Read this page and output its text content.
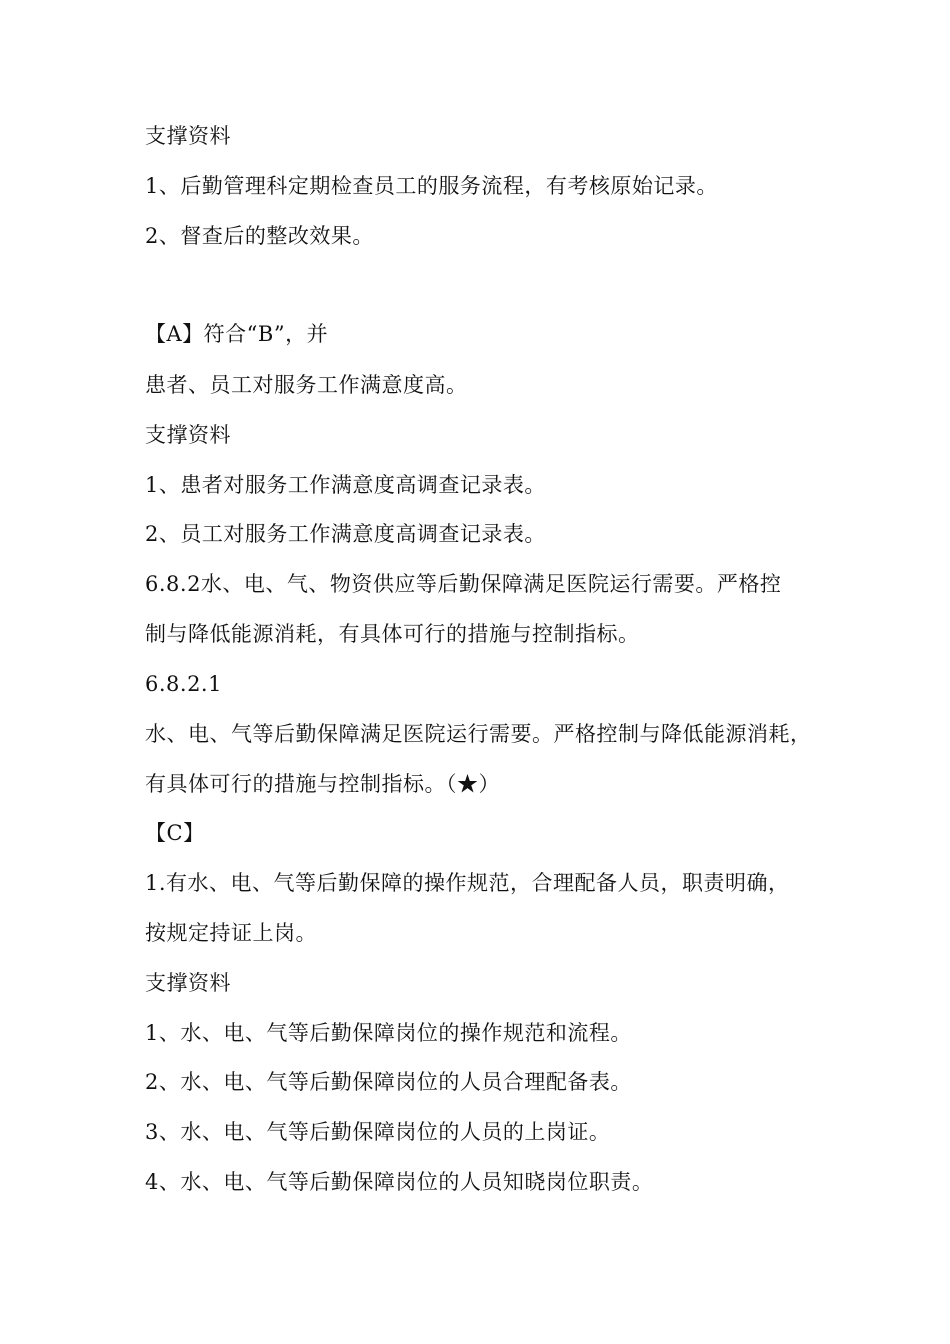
支撑资料
1、后勤管理科定期检查员工的服务流程，有考核原始记录。
2、督查后的整改效果。
【A】符合“B”，并
患者、员工对服务工作满意度高。
支撑资料
1、患者对服务工作满意度高调查记录表。
2、员工对服务工作满意度高调查记录表。
6.8.2水、电、气、物资供应等后勤保障满足医院运行需要。严格控
制与降低能源消耗，有具体可行的措施与控制指标。
6.8.2.1
水、电、气等后勤保障满足医院运行需要。严格控制与降低能源消耗，
有具体可行的措施与控制指标。（★）
【C】
1.有水、电、气等后勤保障的操作规范，合理配备人员，职责明确，
按规定持证上岗。
支撑资料
1、水、电、气等后勤保障岗位的操作规范和流程。
2、水、电、气等后勤保障岗位的人员合理配备表。
3、水、电、气等后勤保障岗位的人员的上岗证。
4、水、电、气等后勤保障岗位的人员知晓岗位职责。
